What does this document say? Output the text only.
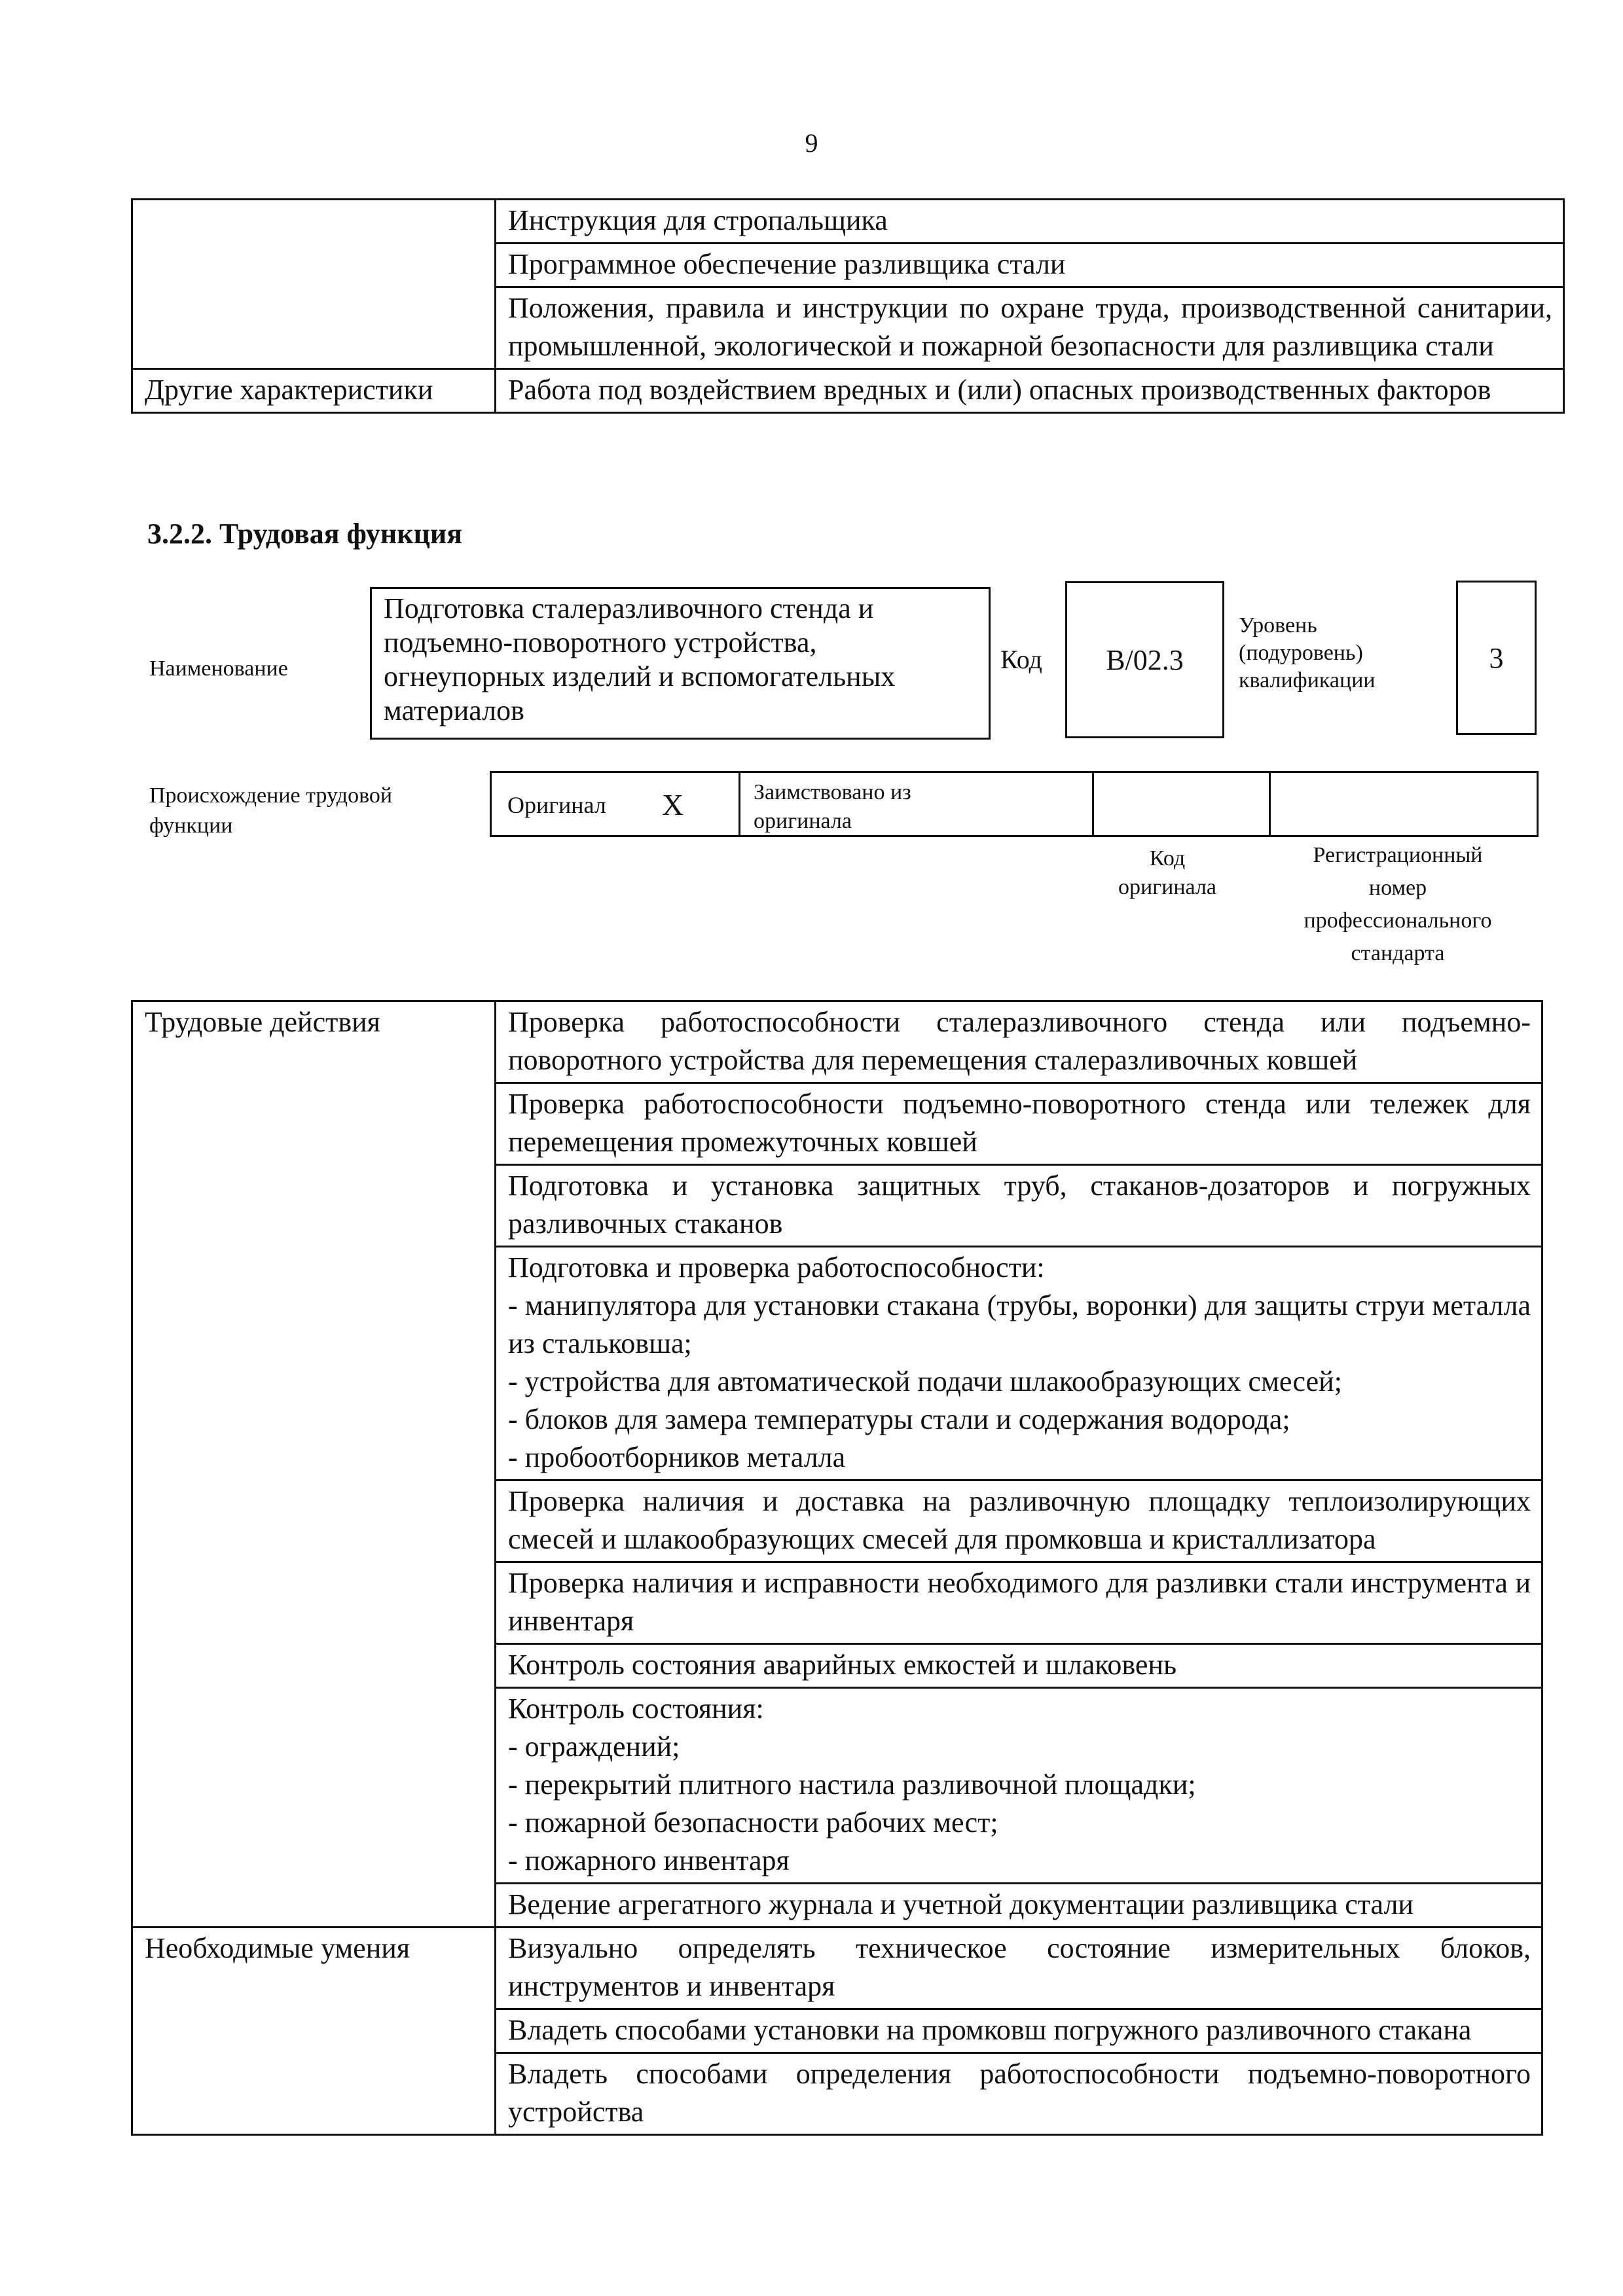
9

	Инструкция для стропальщика

	Программное обеспечение разливщика стали

	Положения, правила и инструкции по охране труда, производственной санитарии, промышленной, экологической и пожарной безопасности для разливщика стали

Другие характеристики	Работа под воздействием вредных и (или) опасных производственных факторов
3.2.2. Трудовая функция
Наименование
Подготовка сталеразливочного стенда и подъемно-поворотного устройства, огнеупорных изделий и вспомогательных материалов
Код В/02.3
Уровень
(подуровень)
квалификации
3
Происхождение трудовой
функции
Оригинал X	Заимствовано из
оригинала
Код
оригинала
Регистрационный
номер
профессионального
стандарта
Трудовые действия	Проверка работоспособности сталеразливочного стенда или подъемно-поворотного устройства для перемещения сталеразливочных ковшей

	Проверка работоспособности подъемно-поворотного стенда или тележек для перемещения промежуточных ковшей

	Подготовка и установка защитных труб, стаканов-дозаторов и погружных разливочных стаканов

	Подготовка и проверка работоспособности:
- манипулятора для установки стакана (трубы, воронки) для защиты струи металла из стальковша;
- устройства для автоматической подачи шлакообразующих смесей;
- блоков для замера температуры стали и содержания водорода;
- пробоотборников металла

	Проверка наличия и доставка на разливочную площадку теплоизолирующих смесей и шлакообразующих смесей для промковша и кристаллизатора

	Проверка наличия и исправности необходимого для разливки стали инструмента и инвентаря

	Контроль состояния аварийных емкостей и шлаковень

	Контроль состояния:
- ограждений;
- перекрытий плитного настила разливочной площадки;
- пожарной безопасности рабочих мест;
- пожарного инвентаря

	Ведение агрегатного журнала и учетной документации разливщика стали

Необходимые умения	Визуально определять техническое состояние измерительных блоков, инструментов и инвентаря

	Владеть способами установки на промковш погружного разливочного стакана

	Владеть способами определения работоспособности подъемно-поворотного устройства
